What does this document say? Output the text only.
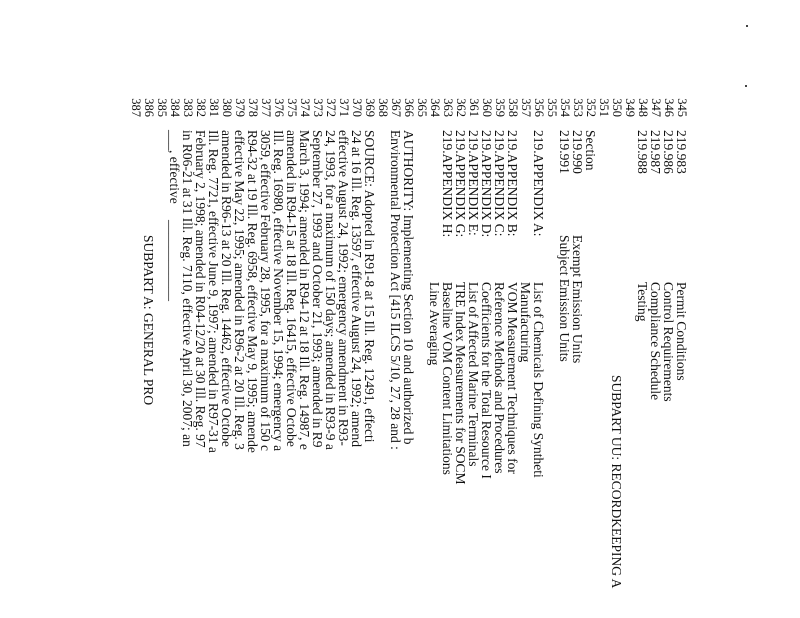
345
346
347
348
349
350
351
352
353
354
355
356
357
358
359
360
361
362
363
364
365
366
367
368
369
370
371
372
373
374
375
376
377
378
379
380
381
382
383
384
385
386
387
219.983
Permit Conditions
219.986
Control Requirements
219.987
Compliance Schedule
219.988
Testing
SUBPART UU: RECORDKEEPING A
Section
219.990
Exempt Emission Units
219.991
Subject Emission Units
219.APPENDIX A:
List of Chemicals Defining Syntheti
Manufacturing
219.APPENDIX B:
VOM Measurement Techniques for
219.APPENDIX C:
Reference Methods and Procedures
219.APPENDIX D:
Coefficients for the Total Resource I
219.APPENDIX E:
List of Affected Marine Terminals
219.APPENDIX G:
TRE Index Measurements for SOCM
219.APPENDIX H:
Baseline VOM Content Limitations
Line Averaging
AUTHORITY: Implementing Section 10 and authorized b
Environmental Protection Act [415 ILCS 5/10, 27, 28 and :
SOURCE: Adopted in R91-8 at 15 Ill. Reg. 12491, effecti
24 at 16 Ill. Reg. 13597, effective August 24, 1992; amend
effective August 24, 1992; emergency amendment in R93-
24, 1993, for a maximum of 150 days; amended in R93-9 a
September 27, 1993 and October 21, 1993; amended in R9
March 3, 1994; amended in R94-12 at 18 Ill. Reg. 14987, e
amended in R94-15 at 18 Ill. Reg. 16415, effective Octobe
Ill. Reg. 16980, effective November 15, 1994; emergency a
3059, effective February 28, 1995, for a maximum of 150 c
R94-32 at 19 Ill. Reg. 6958, effective May 9, 1995; amende
effective May 22, 1995; amended in R96-2 at 20 Ill. Reg. 3
amended in R96-13 at 20 Ill. Reg. 14462, effective Octobe
Ill. Reg. 7721, effective June 9, 1997; amended in R97-31 a
February 2, 1998; amended in R04-12/20 at 30 Ill. Reg. 97
in R06-21 at 31 Ill. Reg. 7110, effective April 30, 2007; an
___
, effective
____________
SUBPART A: GENERAL PRO
